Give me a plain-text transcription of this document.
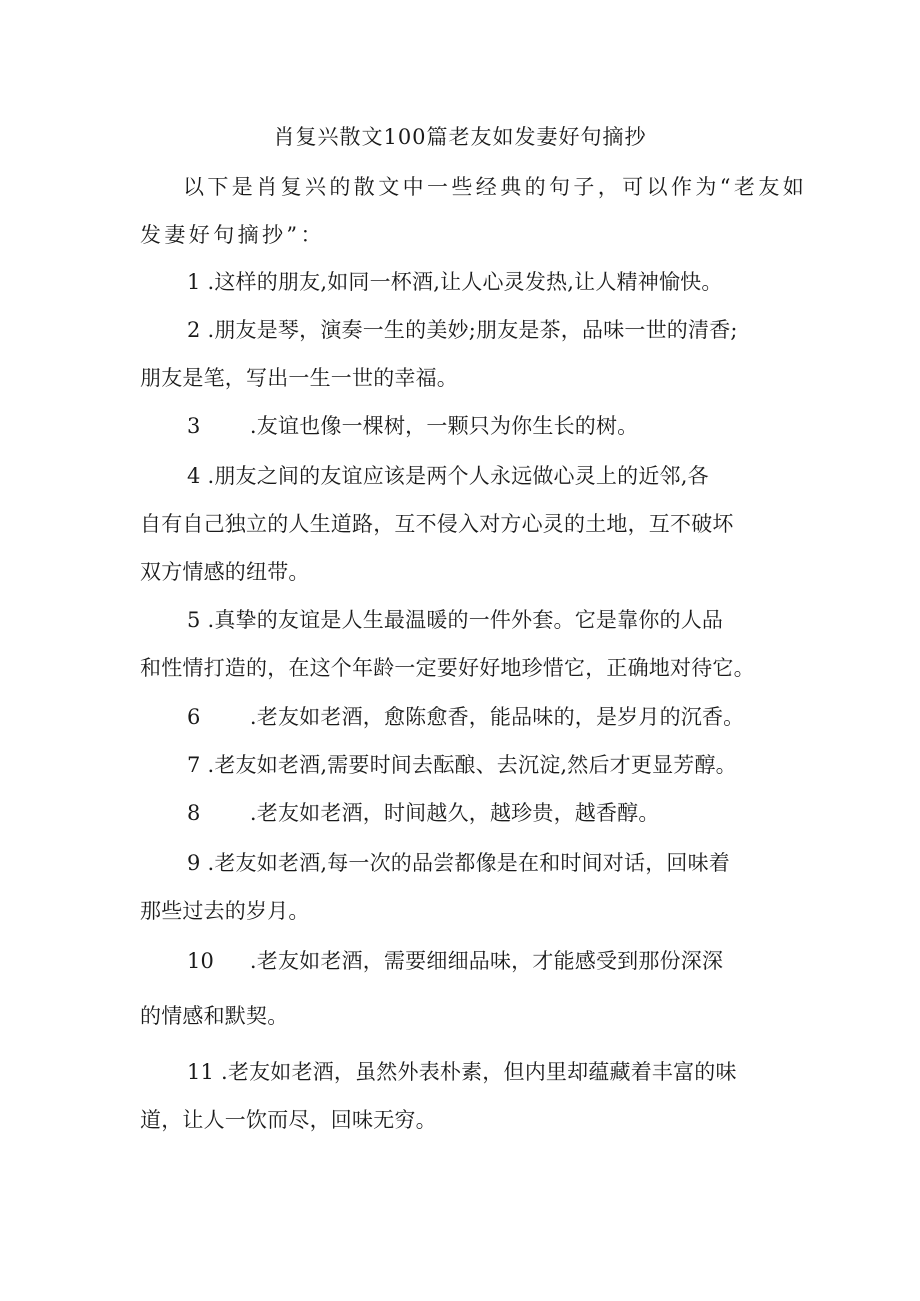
肖复兴散文100篇老友如发妻好句摘抄
以下是肖复兴的散文中一些经典的句子，可以作为“老友如
发妻好句摘抄”：
1 .这样的朋友,如同一杯酒,让人心灵发热,让人精神愉快。
2 .朋友是琴，演奏一生的美妙;朋友是茶，品味一世的清香;
朋友是笔，写出一生一世的幸福。
3 .友谊也像一棵树，一颗只为你生长的树。
4 .朋友之间的友谊应该是两个人永远做心灵上的近邻,各
自有自己独立的人生道路，互不侵入对方心灵的土地，互不破坏
双方情感的纽带。
5 .真挚的友谊是人生最温暖的一件外套。它是靠你的人品
和性情打造的，在这个年龄一定要好好地珍惜它，正确地对待它。
6 .老友如老酒，愈陈愈香，能品味的，是岁月的沉香。
7 .老友如老酒,需要时间去酝酿、去沉淀,然后才更显芳醇。
8 .老友如老酒，时间越久，越珍贵，越香醇。
9 .老友如老酒,每一次的品尝都像是在和时间对话，回味着
那些过去的岁月。
10 .老友如老酒，需要细细品味，才能感受到那份深深
的情感和默契。
11 .老友如老酒，虽然外表朴素，但内里却蕴藏着丰富的味
道，让人一饮而尽，回味无穷。
